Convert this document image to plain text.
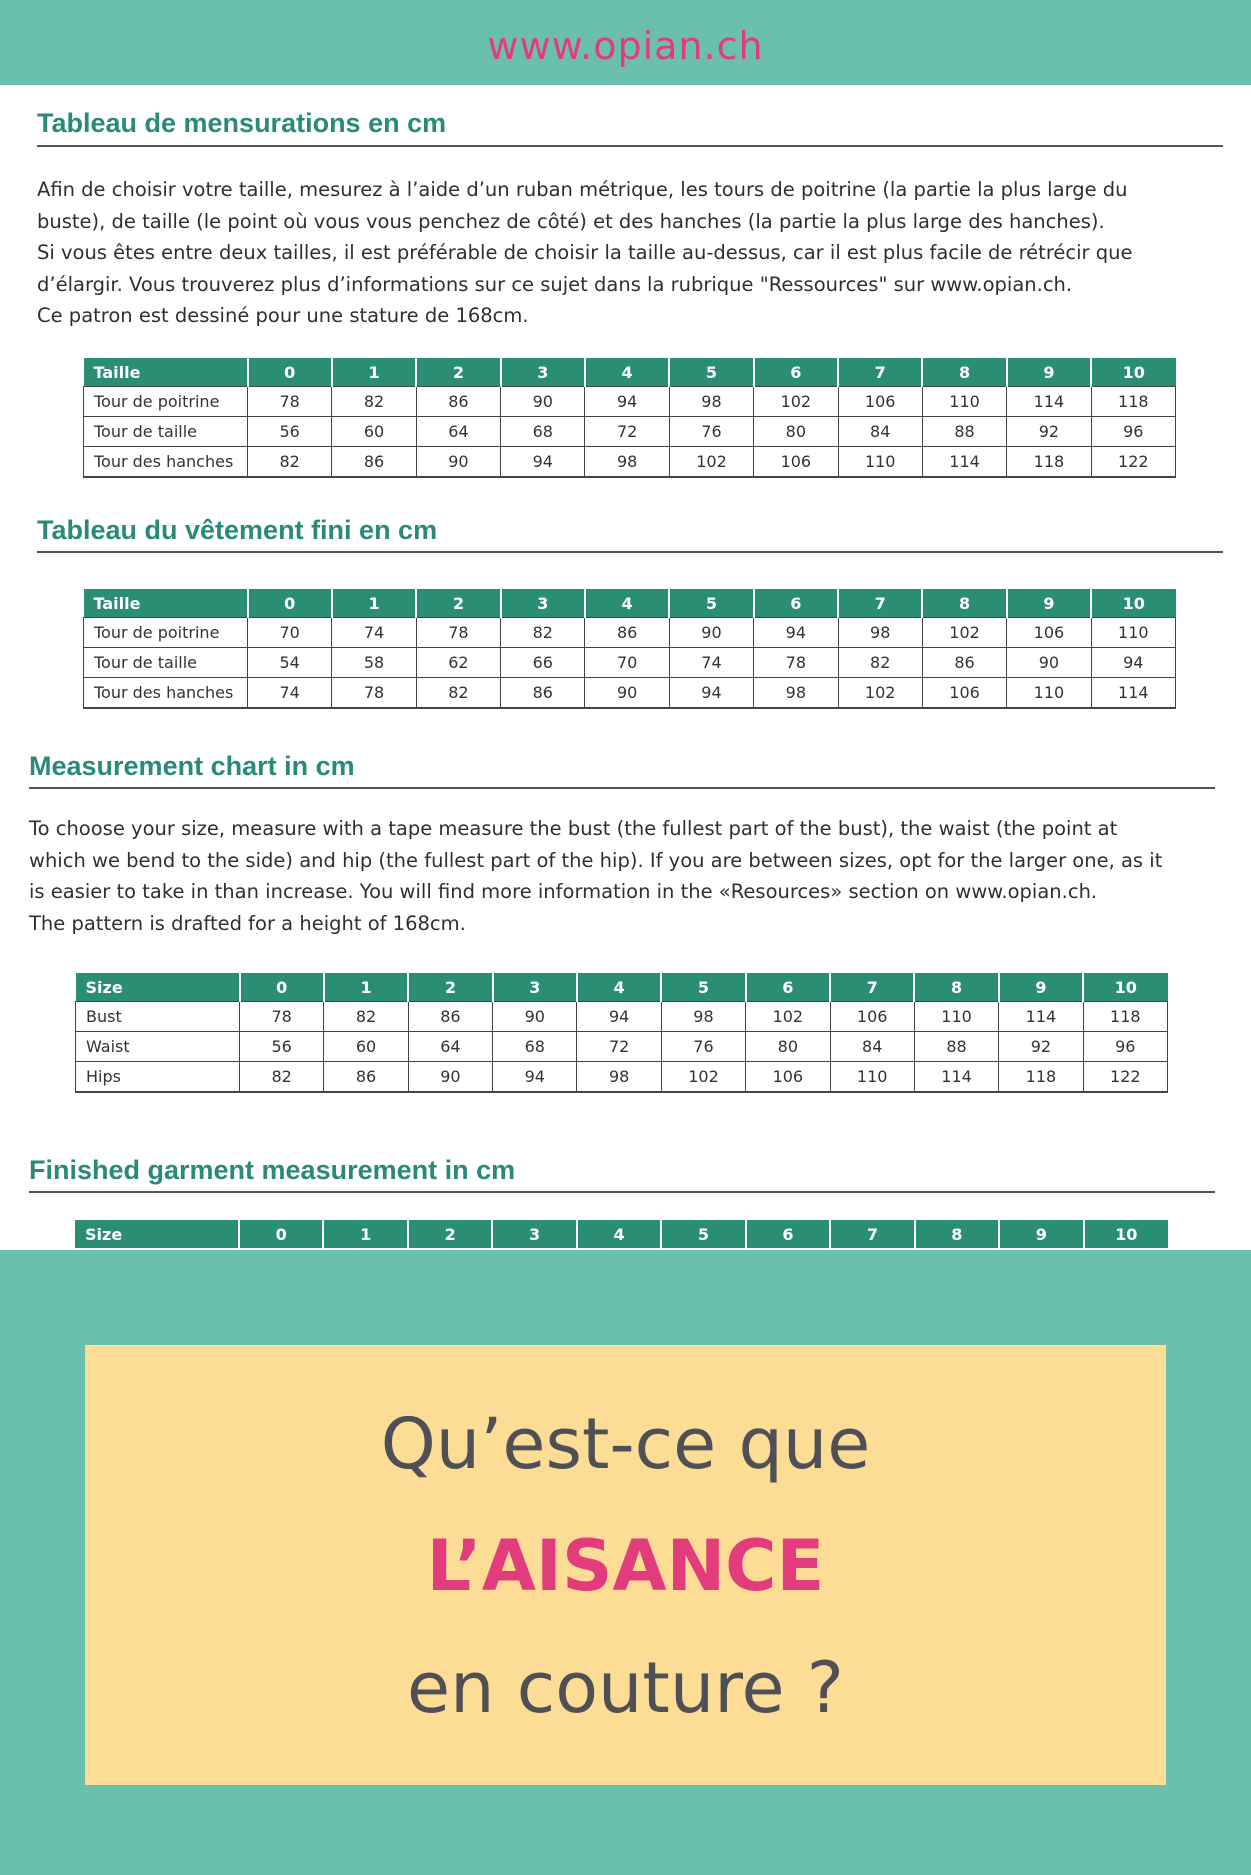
www.opian.ch
Tableau de mensurations en cm
Afin de choisir votre taille, mesurez à l’aide d’un ruban métrique, les tours de poitrine (la partie la plus large du
buste), de taille (le point où vous vous penchez de côté) et des hanches (la partie la plus large des hanches).
Si vous êtes entre deux tailles, il est préférable de choisir la taille au-dessus, car il est plus facile de rétrécir que
d’élargir. Vous trouverez plus d’informations sur ce sujet dans la rubrique "Ressources" sur www.opian.ch.
Ce patron est dessiné pour une stature de 168cm.
Taille	0	1	2	3	4	5	6	7	8	9	10
Tour de poitrine	78	82	86	90	94	98	102	106	110	114	118
Tour de taille	56	60	64	68	72	76	80	84	88	92	96
Tour des hanches	82	86	90	94	98	102	106	110	114	118	122
Tableau du vêtement fini en cm
Taille	0	1	2	3	4	5	6	7	8	9	10
Tour de poitrine	70	74	78	82	86	90	94	98	102	106	110
Tour de taille	54	58	62	66	70	74	78	82	86	90	94
Tour des hanches	74	78	82	86	90	94	98	102	106	110	114
Measurement chart in cm
To choose your size, measure with a tape measure the bust (the fullest part of the bust), the waist (the point at
which we bend to the side) and hip (the fullest part of the hip). If you are between sizes, opt for the larger one, as it
is easier to take in than increase. You will find more information in the «Resources» section on www.opian.ch.
The pattern is drafted for a height of 168cm.
Size	0	1	2	3	4	5	6	7	8	9	10
Bust	78	82	86	90	94	98	102	106	110	114	118
Waist	56	60	64	68	72	76	80	84	88	92	96
Hips	82	86	90	94	98	102	106	110	114	118	122
Finished garment measurement in cm
Size	0	1	2	3	4	5	6	7	8	9	10
Qu’est-ce que
L’AISANCE
en couture ?
